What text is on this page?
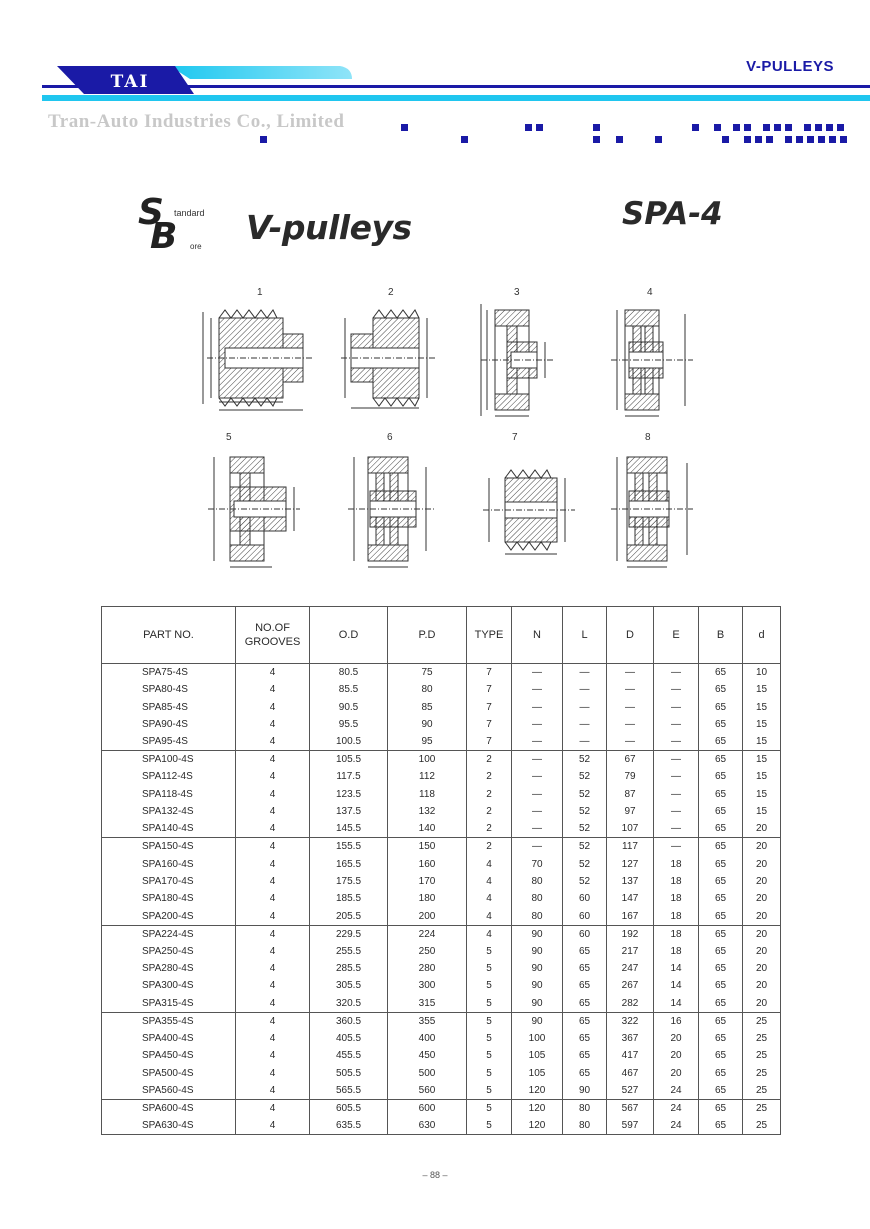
TAI
V-PULLEYS
Tran-Auto Industries Co., Limited
S tandard
B ore V-pulleys	SPA-4
1	2	3	4
5	6	7	8
PART NO.	NO.OF GROOVES	O.D	P.D	TYPE	N	L	D	E	B	d
SPA75-4S	4	80.5	75	7	—	—	—	—	65	10
SPA80-4S	4	85.5	80	7	—	—	—	—	65	15
SPA85-4S	4	90.5	85	7	—	—	—	—	65	15
SPA90-4S	4	95.5	90	7	—	—	—	—	65	15
SPA95-4S	4	100.5	95	7	—	—	—	—	65	15
SPA100-4S	4	105.5	100	2	—	52	67	—	65	15
SPA112-4S	4	117.5	112	2	—	52	79	—	65	15
SPA118-4S	4	123.5	118	2	—	52	87	—	65	15
SPA132-4S	4	137.5	132	2	—	52	97	—	65	15
SPA140-4S	4	145.5	140	2	—	52	107	—	65	20
SPA150-4S	4	155.5	150	2	—	52	117	—	65	20
SPA160-4S	4	165.5	160	4	70	52	127	18	65	20
SPA170-4S	4	175.5	170	4	80	52	137	18	65	20
SPA180-4S	4	185.5	180	4	80	60	147	18	65	20
SPA200-4S	4	205.5	200	4	80	60	167	18	65	20
SPA224-4S	4	229.5	224	4	90	60	192	18	65	20
SPA250-4S	4	255.5	250	5	90	65	217	18	65	20
SPA280-4S	4	285.5	280	5	90	65	247	14	65	20
SPA300-4S	4	305.5	300	5	90	65	267	14	65	20
SPA315-4S	4	320.5	315	5	90	65	282	14	65	20
SPA355-4S	4	360.5	355	5	90	65	322	16	65	25
SPA400-4S	4	405.5	400	5	100	65	367	20	65	25
SPA450-4S	4	455.5	450	5	105	65	417	20	65	25
SPA500-4S	4	505.5	500	5	105	65	467	20	65	25
SPA560-4S	4	565.5	560	5	120	90	527	24	65	25
SPA600-4S	4	605.5	600	5	120	80	567	24	65	25
SPA630-4S	4	635.5	630	5	120	80	597	24	65	25
– 88 –
